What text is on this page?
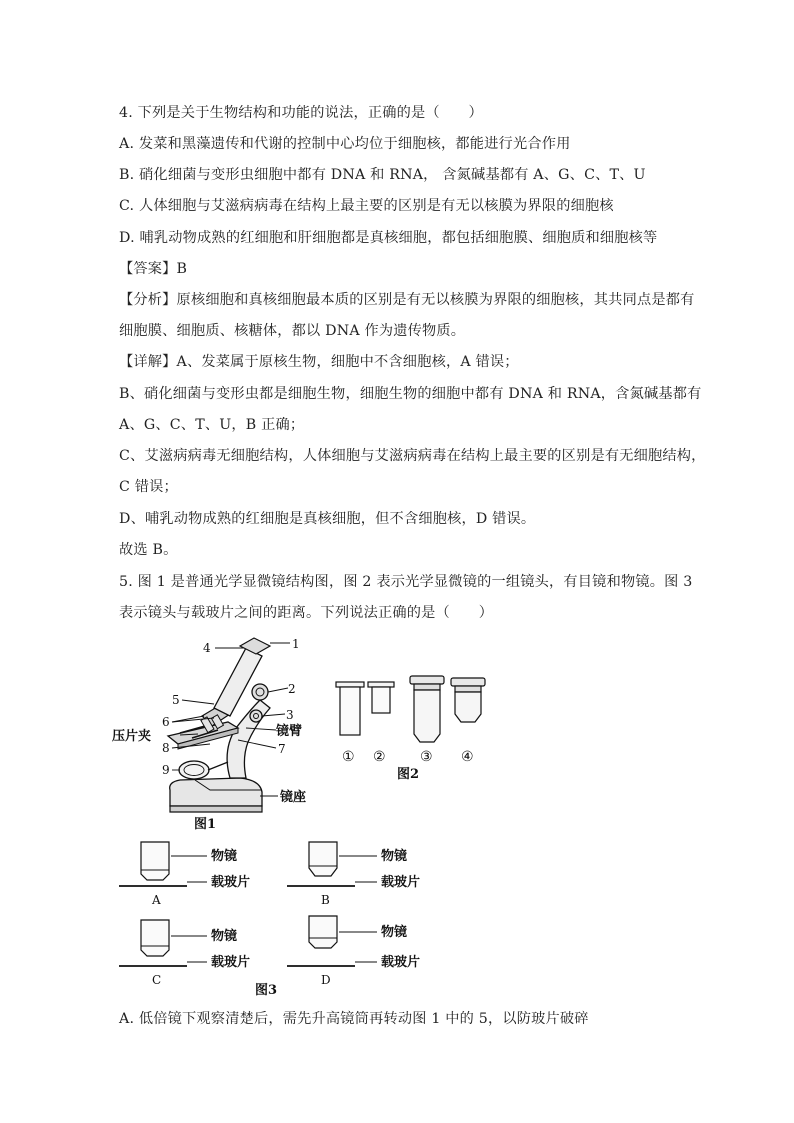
4. 下列是关于生物结构和功能的说法，正确的是（　　）
A. 发菜和黑藻遗传和代谢的控制中心均位于细胞核，都能进行光合作用
B. 硝化细菌与变形虫细胞中都有 DNA 和 RNA， 含氮碱基都有 A、G、C、T、U
C. 人体细胞与艾滋病病毒在结构上最主要的区别是有无以核膜为界限的细胞核
D. 哺乳动物成熟的红细胞和肝细胞都是真核细胞，都包括细胞膜、细胞质和细胞核等
【答案】B
【分析】原核细胞和真核细胞最本质的区别是有无以核膜为界限的细胞核，其共同点是都有
细胞膜、细胞质、核糖体，都以 DNA 作为遗传物质。
【详解】A、发菜属于原核生物，细胞中不含细胞核，A 错误；
B、硝化细菌与变形虫都是细胞生物，细胞生物的细胞中都有 DNA 和 RNA，含氮碱基都有
A、G、C、T、U，B 正确；
C、艾滋病病毒无细胞结构，人体细胞与艾滋病病毒在结构上最主要的区别是有无细胞结构，
C 错误；
D、哺乳动物成熟的红细胞是真核细胞，但不含细胞核，D 错误。
故选 B。
5. 图 1 是普通光学显微镜结构图，图 2 表示光学显微镜的一组镜头，有目镜和物镜。图 3
表示镜头与载玻片之间的距离。下列说法正确的是（　　）
1
2
3
4
5
6
7
8
9
压片夹	镜臂
镜座
图1
① ② ③ ④
图2
物镜
载玻片
物镜
载玻片
物镜
载玻片
物镜
载玻片
A	B
C	D
图3
A. 低倍镜下观察清楚后，需先升高镜筒再转动图 1 中的 5，以防玻片破碎
